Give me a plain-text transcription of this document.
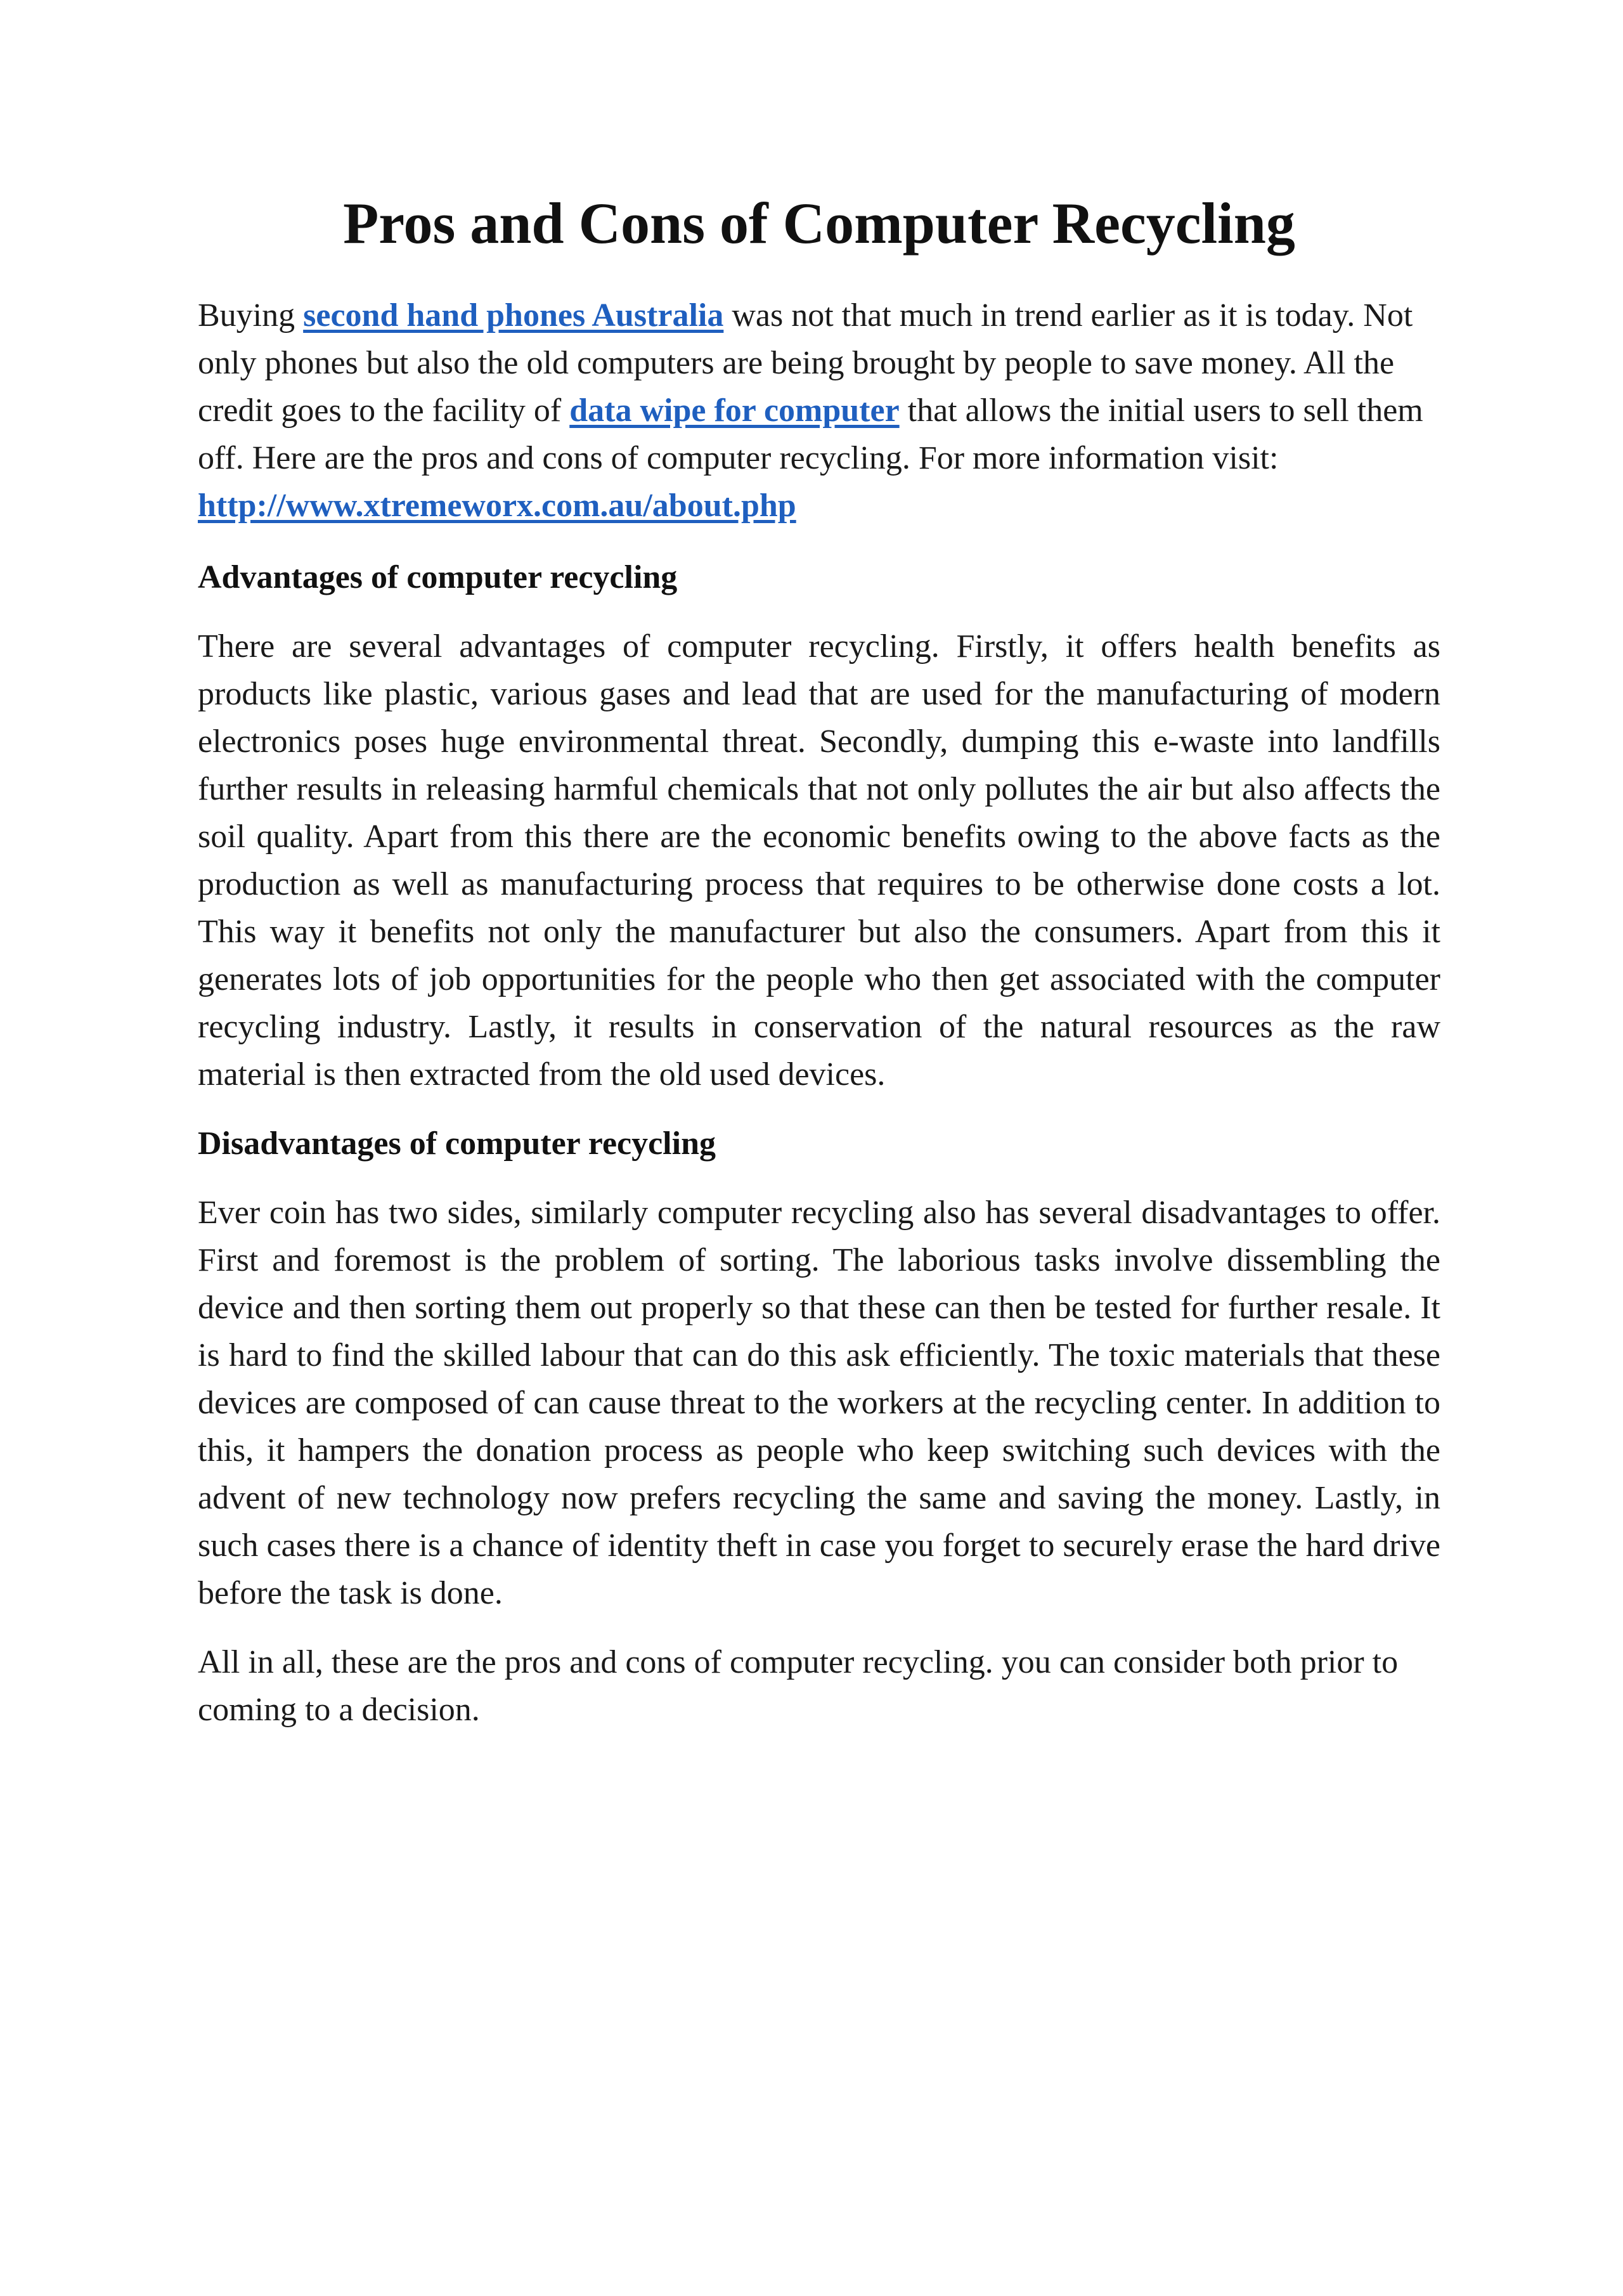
Pros and Cons of Computer Recycling

Buying second hand phones Australia was not that much in trend earlier as it is today. Not only phones but also the old computers are being brought by people to save money. All the credit goes to the facility of data wipe for computer that allows the initial users to sell them off. Here are the pros and cons of computer recycling. For more information visit: http://www.xtremeworx.com.au/about.php

Advantages of computer recycling

There are several advantages of computer recycling. Firstly, it offers health benefits as products like plastic, various gases and lead that are used for the manufacturing of modern electronics poses huge environmental threat. Secondly, dumping this e-waste into landfills further results in releasing harmful chemicals that not only pollutes the air but also affects the soil quality. Apart from this there are the economic benefits owing to the above facts as the production as well as manufacturing process that requires to be otherwise done costs a lot. This way it benefits not only the manufacturer but also the consumers. Apart from this it generates lots of job opportunities for the people who then get associated with the computer recycling industry. Lastly, it results in conservation of the natural resources as the raw material is then extracted from the old used devices.

Disadvantages of computer recycling

Ever coin has two sides, similarly computer recycling also has several disadvantages to offer. First and foremost is the problem of sorting. The laborious tasks involve dissembling the device and then sorting them out properly so that these can then be tested for further resale. It is hard to find the skilled labour that can do this ask efficiently. The toxic materials that these devices are composed of can cause threat to the workers at the recycling center. In addition to this, it hampers the donation process as people who keep switching such devices with the advent of new technology now prefers recycling the same and saving the money. Lastly, in such cases there is a chance of identity theft in case you forget to securely erase the hard drive before the task is done.

All in all, these are the pros and cons of computer recycling. you can consider both prior to coming to a decision.
